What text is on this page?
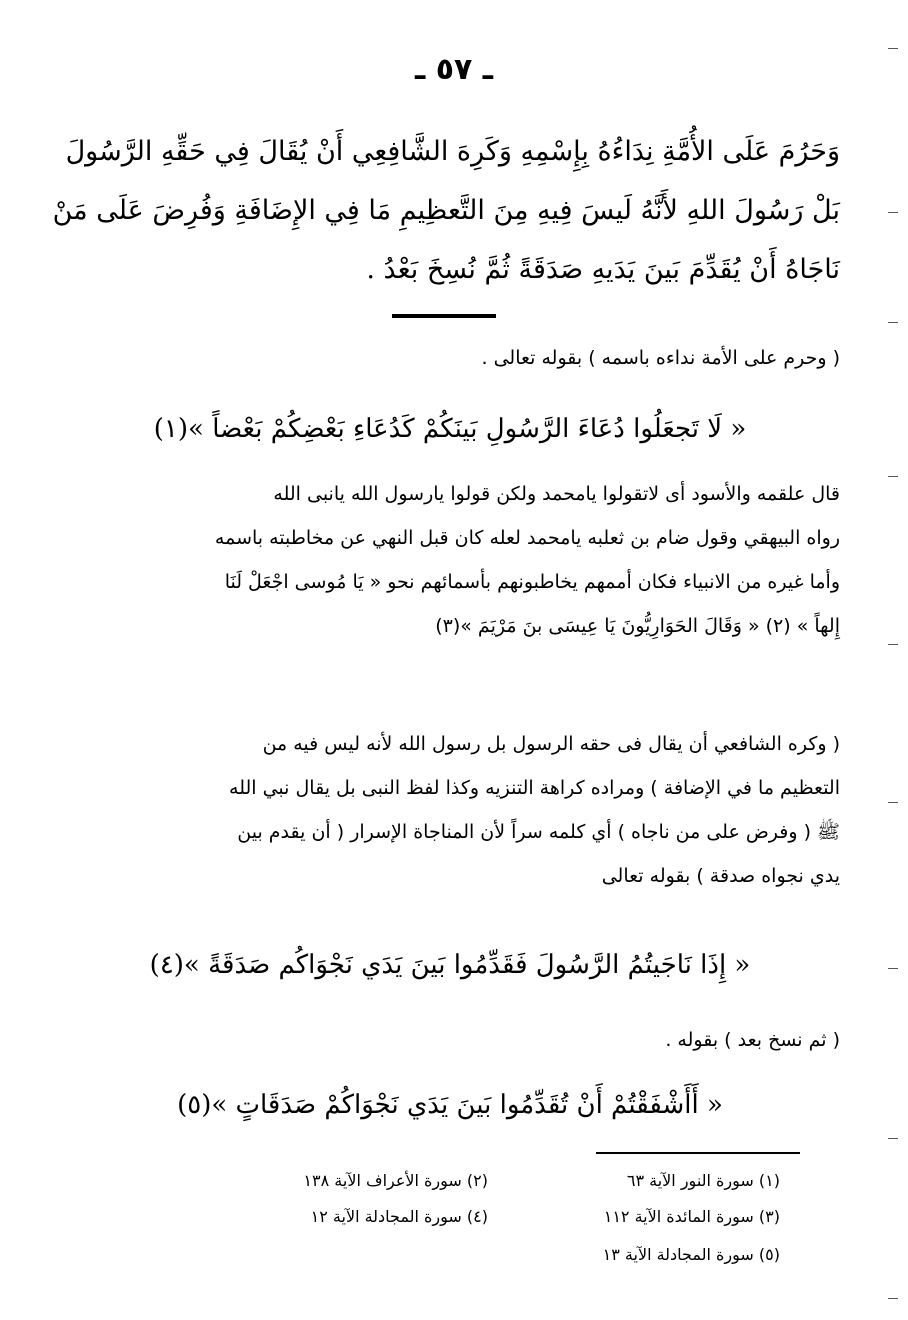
ـ ٥٧ ـ

وَحَرُمَ عَلَى الأُمَّةِ نِدَاءُهُ بِإِسْمِهِ وَكَرِهَ الشَّافِعِي أَنْ يُقَالَ فِي حَقِّهِ الرَّسُولَ

بَلْ رَسُولَ اللهِ لأَنَّهُ لَيسَ فِيهِ مِنَ التَّعظِيمِ مَا فِي الإِضَافَةِ وَفُرِضَ عَلَى مَنْ

نَاجَاهُ أَنْ يُقَدِّمَ بَينَ يَدَيهِ صَدَقَةً ثُمَّ نُسِخَ بَعْدُ .

( وحرم على الأمة نداءه باسمه ) بقوله تعالى .

« لَا تَجعَلُوا دُعَاءَ الرَّسُولِ بَينَكُمْ كَدُعَاءِ بَعْضِكُمْ بَعْضاً »(١)

قال علقمه والأسود أى لاتقولوا يامحمد ولكن قولوا يارسول الله يانبى الله

رواه البيهقي وقول ضام بن ثعلبه يامحمد لعله كان قبل النهي عن مخاطبته باسمه

وأما غيره من الانبياء فكان أممهم يخاطبونهم بأسمائهم نحو « يَا مُوسى اجْعَلْ لَنَا

إِلهاً » (٢) « وَقَالَ الحَوَارِيُّونَ يَا عِيسَى بنَ مَرْيَمَ »(٣)

( وكره الشافعي أن يقال فى حقه الرسول بل رسول الله لأنه ليس فيه من

التعظيم ما في الإضافة ) ومراده كراهة التنزيه وكذا لفظ النبى بل يقال نبي الله

ﷺ ( وفرض على من ناجاه ) أي كلمه سراً لأن المناجاة الإسرار ( أن يقدم بين

يدي نجواه صدقة ) بقوله تعالى

« إِذَا نَاجَيتُمُ الرَّسُولَ فَقَدِّمُوا بَينَ يَدَي نَجْوَاكُم صَدَقَةً »(٤)

( ثم نسخ بعد ) بقوله .

« أَأَشْفَقْتُمْ أَنْ تُقَدِّمُوا بَينَ يَدَي نَجْوَاكُمْ صَدَقَاتٍ »(٥)
(١) سورة النور الآية ٦٣
(٢) سورة الأعراف الآية ١٣٨
(٣) سورة المائدة الآية ١١٢
(٤) سورة المجادلة الآية ١٢
(٥) سورة المجادلة الآية ١٣
